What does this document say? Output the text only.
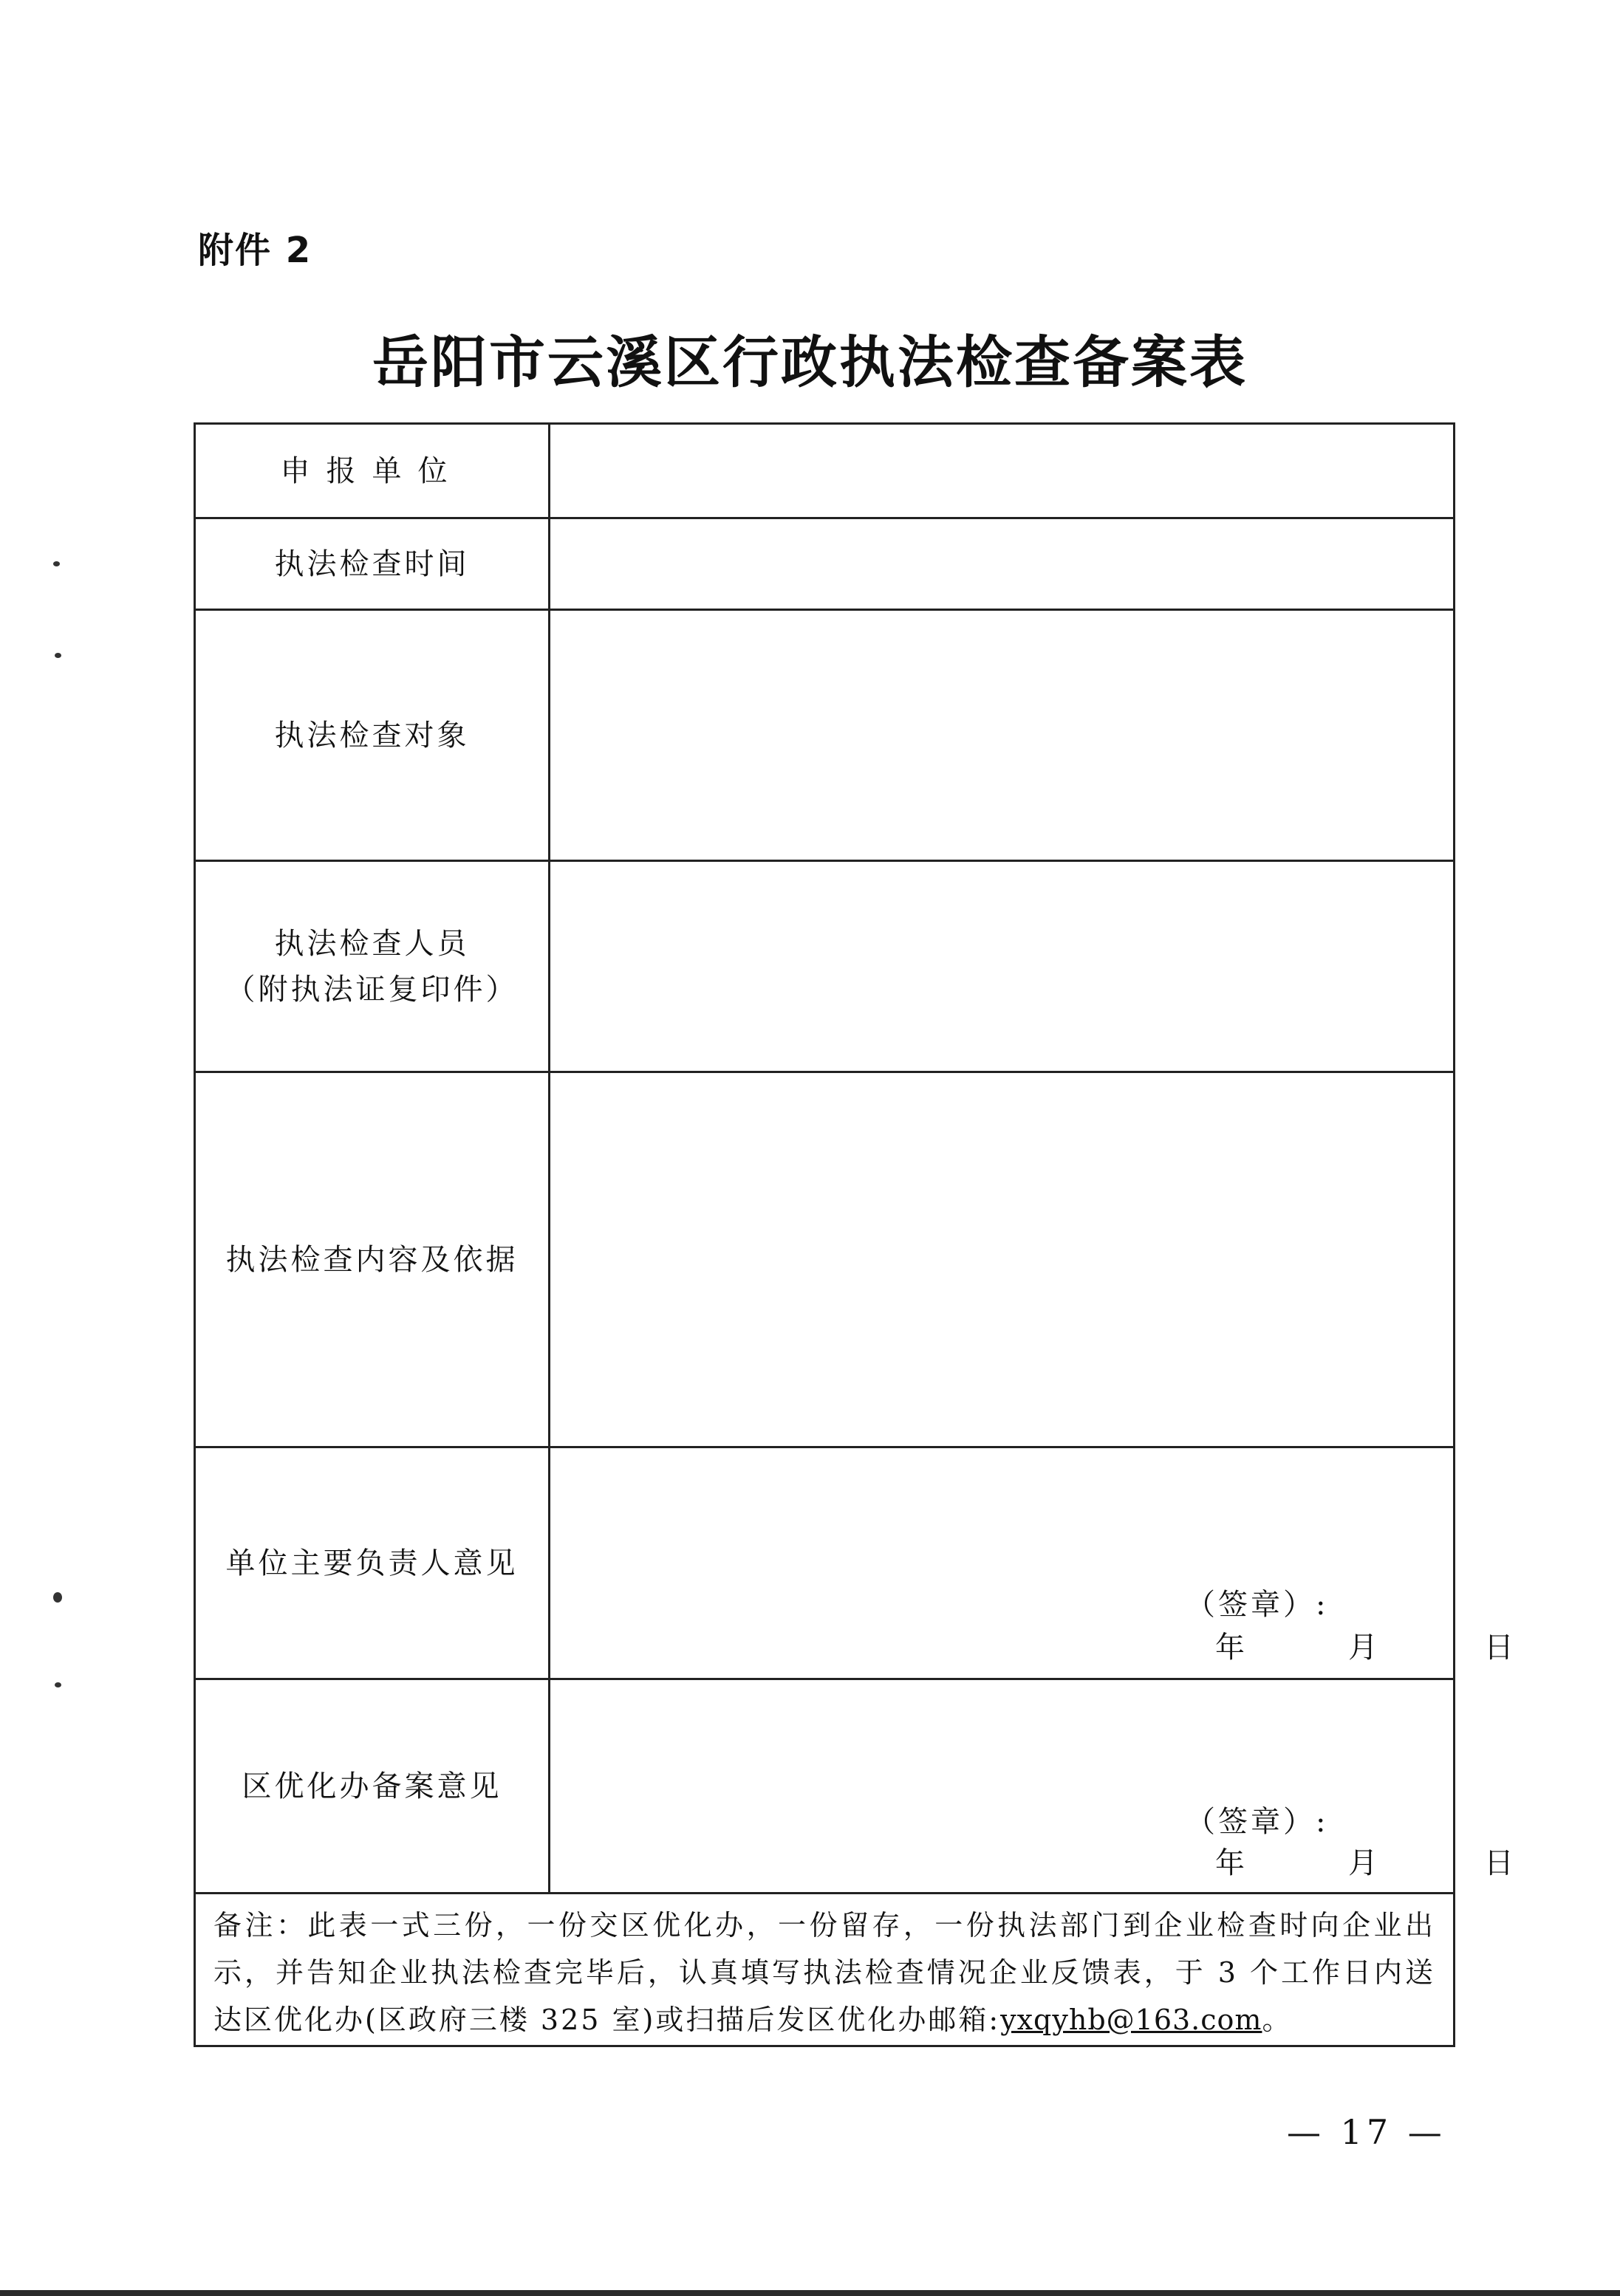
附件 2
岳阳市云溪区行政执法检查备案表
申报单位
执法检查时间
执法检查对象
执法检查人员
（附执法证复印件）
执法检查内容及依据
单位主要负责人意见
（签章）:
年	月	日
区优化办备案意见
（签章）:
年	月	日
备注：此表一式三份，一份交区优化办，一份留存，一份执法部门到企业检查时向企业出示，并告知企业执法检查完毕后，认真填写执法检查情况企业反馈表，于 3 个工作日内送达区优化办(区政府三楼 325 室)或扫描后发区优化办邮箱:yxqyhb@163.com。
— 17 —
